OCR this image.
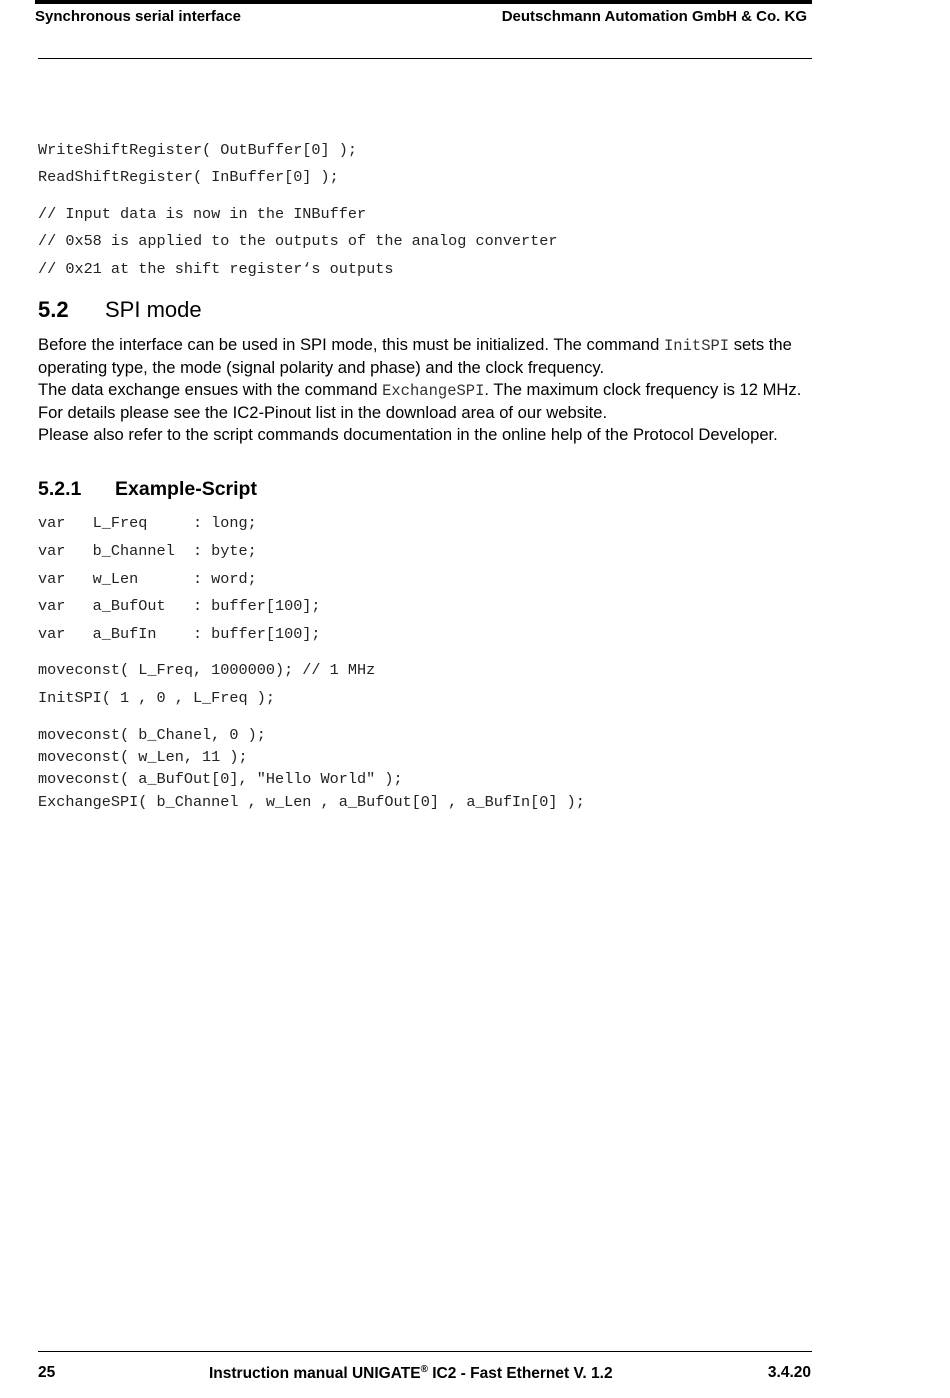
Synchronous serial interface	Deutschmann Automation GmbH & Co. KG
WriteShiftRegister( OutBuffer[0] );
ReadShiftRegister( InBuffer[0] );
// Input data is now in the INBuffer
// 0x58 is applied to the outputs of the analog converter
// 0x21 at the shift register‘s outputs
5.2 SPI mode

Before the interface can be used in SPI mode, this must be initialized. The command InitSPI sets the operating type, the mode (signal polarity and phase) and the clock frequency.

The data exchange ensues with the command ExchangeSPI. The maximum clock frequency is 12 MHz. For details please see the IC2-Pinout list in the download area of our website.

Please also refer to the script commands documentation in the online help of the Protocol Developer.

5.2.1 Example-Script
var   L_Freq     : long;
var   b_Channel  : byte;
var   w_Len      : word;
var   a_BufOut   : buffer[100];
var   a_BufIn    : buffer[100];
moveconst( L_Freq, 1000000); // 1 MHz
InitSPI( 1 , 0 , L_Freq );
moveconst( b_Chanel, 0 );
moveconst( w_Len, 11 );
moveconst( a_BufOut[0], "Hello World" );
ExchangeSPI( b_Channel , w_Len , a_BufOut[0] , a_BufIn[0] );
25	Instruction manual UNIGATE® IC2 - Fast Ethernet V. 1.2	3.4.20
